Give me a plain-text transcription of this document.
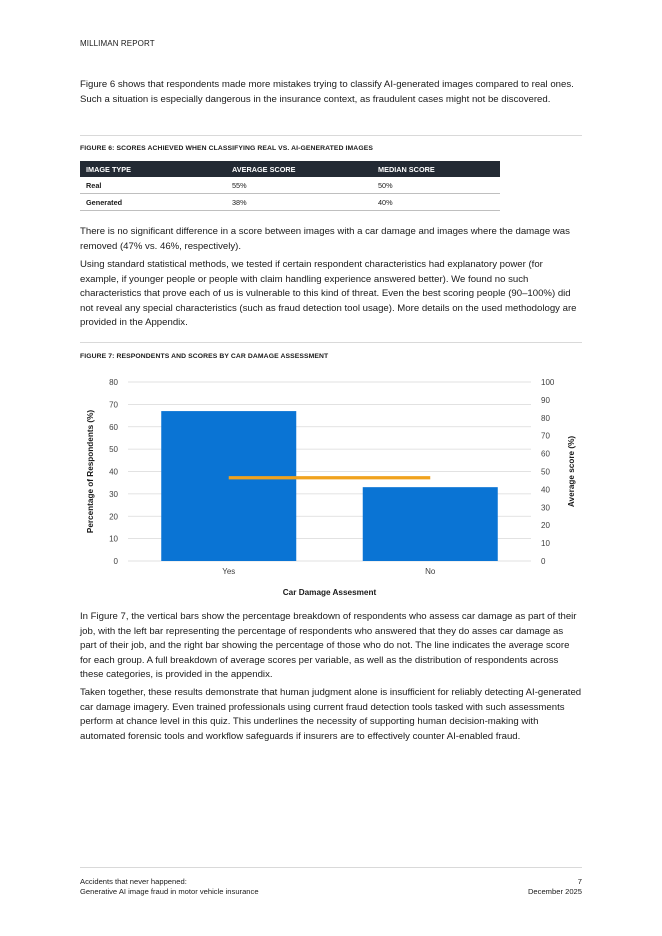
MILLIMAN REPORT

Figure 6 shows that respondents made more mistakes trying to classify AI-generated images compared to real ones. Such a situation is especially dangerous in the insurance context, as fraudulent cases might not be discovered.

FIGURE 6: SCORES ACHIEVED WHEN CLASSIFYING REAL VS. AI-GENERATED IMAGES
IMAGE TYPE	AVERAGE SCORE	MEDIAN SCORE
Real	55%	50%
Generated	38%	40%

There is no significant difference in a score between images with a car damage and images where the damage was removed (47% vs. 46%, respectively).

Using standard statistical methods, we tested if certain respondent characteristics had explanatory power (for example, if younger people or people with claim handling experience answered better). We found no such characteristics that prove each of us is vulnerable to this kind of threat. Even the best scoring people (90–100%) did not reveal any special characteristics (such as fraud detection tool usage). More details on the used methodology are provided in the Appendix.

FIGURE 7: RESPONDENTS AND SCORES BY CAR DAMAGE ASSESSMENT
0
10
20
30
40
50
60
70
80
0
10
20
30
40
50
60
70
80
90
100
Yes	No
Car Damage Assesment
Percentage of Respondents (%)	Average score (%)

In Figure 7, the vertical bars show the percentage breakdown of respondents who assess car damage as part of their job, with the left bar representing the percentage of respondents who answered that they do asses car damage as part of their job, and the right bar showing the percentage of those who do not. The line indicates the average score for each group. A full breakdown of average scores per variable, as well as the distribution of respondents across these categories, is provided in the appendix.

Taken together, these results demonstrate that human judgment alone is insufficient for reliably detecting AI-generated car damage imagery. Even trained professionals using current fraud detection tools tasked with such assessments perform at chance level in this quiz. This underlines the necessity of supporting human decision-making with automated forensic tools and workflow safeguards if insurers are to effectively counter AI-enabled fraud.

Accidents that never happened:
Generative AI image fraud in motor vehicle insurance
7
December 2025
